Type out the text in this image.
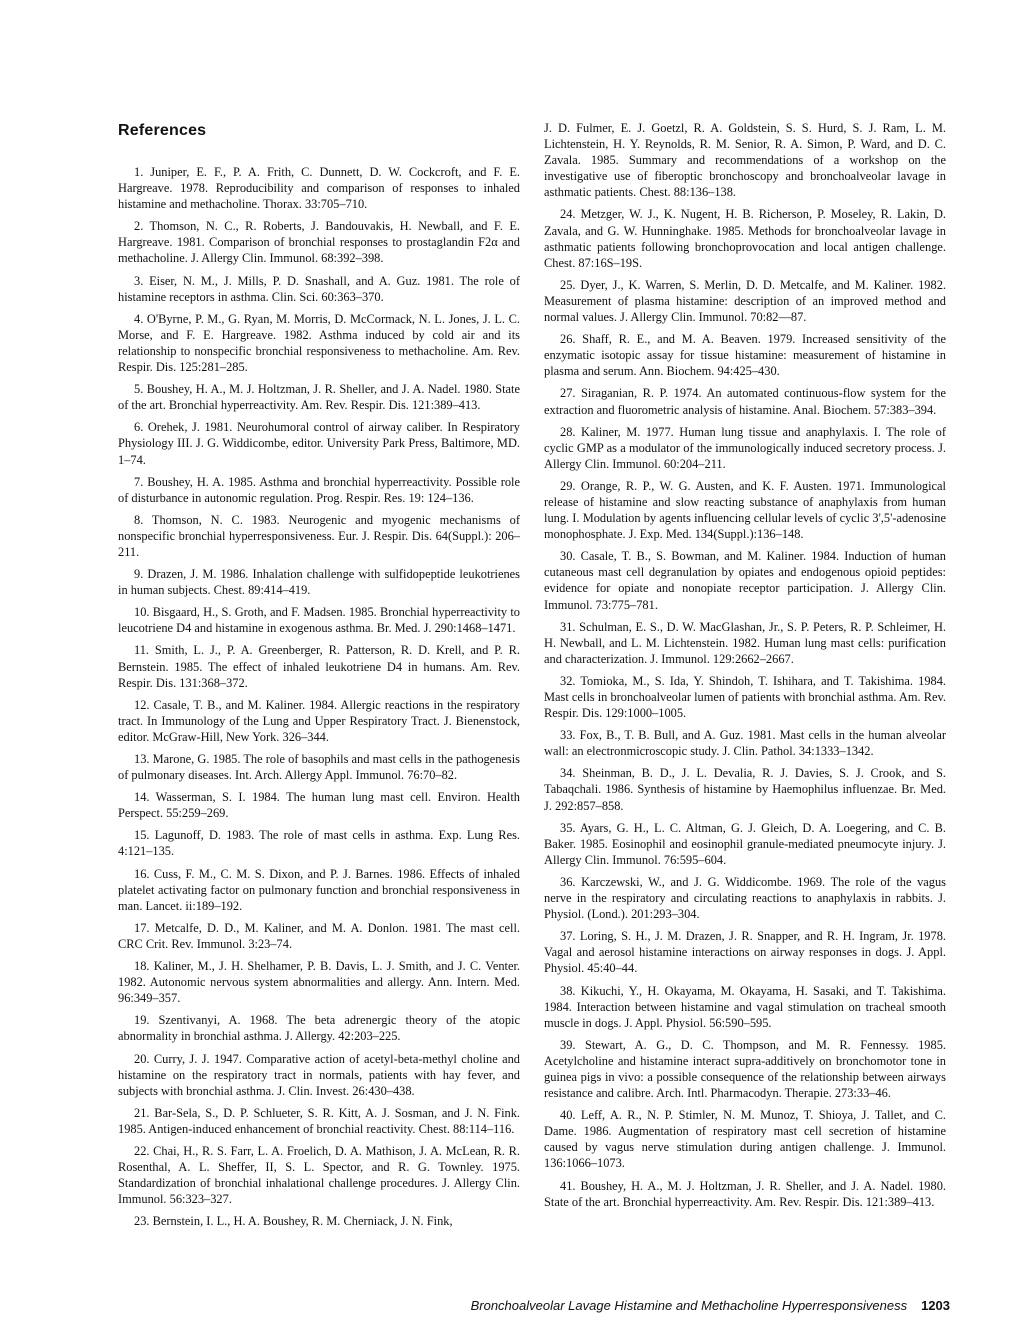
References

1. Juniper, E. F., P. A. Frith, C. Dunnett, D. W. Cockcroft, and F. E. Hargreave. 1978. Reproducibility and comparison of responses to inhaled histamine and methacholine. Thorax. 33:705–710.

2. Thomson, N. C., R. Roberts, J. Bandouvakis, H. Newball, and F. E. Hargreave. 1981. Comparison of bronchial responses to prostaglandin F2α and methacholine. J. Allergy Clin. Immunol. 68:392–398.

3. Eiser, N. M., J. Mills, P. D. Snashall, and A. Guz. 1981. The role of histamine receptors in asthma. Clin. Sci. 60:363–370.

4. O'Byrne, P. M., G. Ryan, M. Morris, D. McCormack, N. L. Jones, J. L. C. Morse, and F. E. Hargreave. 1982. Asthma induced by cold air and its relationship to nonspecific bronchial responsiveness to methacholine. Am. Rev. Respir. Dis. 125:281–285.

5. Boushey, H. A., M. J. Holtzman, J. R. Sheller, and J. A. Nadel. 1980. State of the art. Bronchial hyperreactivity. Am. Rev. Respir. Dis. 121:389–413.

6. Orehek, J. 1981. Neurohumoral control of airway caliber. In Respiratory Physiology III. J. G. Widdicombe, editor. University Park Press, Baltimore, MD. 1–74.

7. Boushey, H. A. 1985. Asthma and bronchial hyperreactivity. Possible role of disturbance in autonomic regulation. Prog. Respir. Res. 19: 124–136.

8. Thomson, N. C. 1983. Neurogenic and myogenic mechanisms of nonspecific bronchial hyperresponsiveness. Eur. J. Respir. Dis. 64(Suppl.): 206–211.

9. Drazen, J. M. 1986. Inhalation challenge with sulfidopeptide leukotrienes in human subjects. Chest. 89:414–419.

10. Bisgaard, H., S. Groth, and F. Madsen. 1985. Bronchial hyperreactivity to leucotriene D4 and histamine in exogenous asthma. Br. Med. J. 290:1468–1471.

11. Smith, L. J., P. A. Greenberger, R. Patterson, R. D. Krell, and P. R. Bernstein. 1985. The effect of inhaled leukotriene D4 in humans. Am. Rev. Respir. Dis. 131:368–372.

12. Casale, T. B., and M. Kaliner. 1984. Allergic reactions in the respiratory tract. In Immunology of the Lung and Upper Respiratory Tract. J. Bienenstock, editor. McGraw-Hill, New York. 326–344.

13. Marone, G. 1985. The role of basophils and mast cells in the pathogenesis of pulmonary diseases. Int. Arch. Allergy Appl. Immunol. 76:70–82.

14. Wasserman, S. I. 1984. The human lung mast cell. Environ. Health Perspect. 55:259–269.

15. Lagunoff, D. 1983. The role of mast cells in asthma. Exp. Lung Res. 4:121–135.

16. Cuss, F. M., C. M. S. Dixon, and P. J. Barnes. 1986. Effects of inhaled platelet activating factor on pulmonary function and bronchial responsiveness in man. Lancet. ii:189–192.

17. Metcalfe, D. D., M. Kaliner, and M. A. Donlon. 1981. The mast cell. CRC Crit. Rev. Immunol. 3:23–74.

18. Kaliner, M., J. H. Shelhamer, P. B. Davis, L. J. Smith, and J. C. Venter. 1982. Autonomic nervous system abnormalities and allergy. Ann. Intern. Med. 96:349–357.

19. Szentivanyi, A. 1968. The beta adrenergic theory of the atopic abnormality in bronchial asthma. J. Allergy. 42:203–225.

20. Curry, J. J. 1947. Comparative action of acetyl-beta-methyl choline and histamine on the respiratory tract in normals, patients with hay fever, and subjects with bronchial asthma. J. Clin. Invest. 26:430–438.

21. Bar-Sela, S., D. P. Schlueter, S. R. Kitt, A. J. Sosman, and J. N. Fink. 1985. Antigen-induced enhancement of bronchial reactivity. Chest. 88:114–116.

22. Chai, H., R. S. Farr, L. A. Froelich, D. A. Mathison, J. A. McLean, R. R. Rosenthal, A. L. Sheffer, II, S. L. Spector, and R. G. Townley. 1975. Standardization of bronchial inhalational challenge procedures. J. Allergy Clin. Immunol. 56:323–327.

23. Bernstein, I. L., H. A. Boushey, R. M. Cherniack, J. N. Fink,

J. D. Fulmer, E. J. Goetzl, R. A. Goldstein, S. S. Hurd, S. J. Ram, L. M. Lichtenstein, H. Y. Reynolds, R. M. Senior, R. A. Simon, P. Ward, and D. C. Zavala. 1985. Summary and recommendations of a workshop on the investigative use of fiberoptic bronchoscopy and bronchoalveolar lavage in asthmatic patients. Chest. 88:136–138.

24. Metzger, W. J., K. Nugent, H. B. Richerson, P. Moseley, R. Lakin, D. Zavala, and G. W. Hunninghake. 1985. Methods for bronchoalveolar lavage in asthmatic patients following bronchoprovocation and local antigen challenge. Chest. 87:16S–19S.

25. Dyer, J., K. Warren, S. Merlin, D. D. Metcalfe, and M. Kaliner. 1982. Measurement of plasma histamine: description of an improved method and normal values. J. Allergy Clin. Immunol. 70:82—87.

26. Shaff, R. E., and M. A. Beaven. 1979. Increased sensitivity of the enzymatic isotopic assay for tissue histamine: measurement of histamine in plasma and serum. Ann. Biochem. 94:425–430.

27. Siraganian, R. P. 1974. An automated continuous-flow system for the extraction and fluorometric analysis of histamine. Anal. Biochem. 57:383–394.

28. Kaliner, M. 1977. Human lung tissue and anaphylaxis. I. The role of cyclic GMP as a modulator of the immunologically induced secretory process. J. Allergy Clin. Immunol. 60:204–211.

29. Orange, R. P., W. G. Austen, and K. F. Austen. 1971. Immunological release of histamine and slow reacting substance of anaphylaxis from human lung. I. Modulation by agents influencing cellular levels of cyclic 3',5'-adenosine monophosphate. J. Exp. Med. 134(Suppl.):136–148.

30. Casale, T. B., S. Bowman, and M. Kaliner. 1984. Induction of human cutaneous mast cell degranulation by opiates and endogenous opioid peptides: evidence for opiate and nonopiate receptor participation. J. Allergy Clin. Immunol. 73:775–781.

31. Schulman, E. S., D. W. MacGlashan, Jr., S. P. Peters, R. P. Schleimer, H. H. Newball, and L. M. Lichtenstein. 1982. Human lung mast cells: purification and characterization. J. Immunol. 129:2662–2667.

32. Tomioka, M., S. Ida, Y. Shindoh, T. Ishihara, and T. Takishima. 1984. Mast cells in bronchoalveolar lumen of patients with bronchial asthma. Am. Rev. Respir. Dis. 129:1000–1005.

33. Fox, B., T. B. Bull, and A. Guz. 1981. Mast cells in the human alveolar wall: an electronmicroscopic study. J. Clin. Pathol. 34:1333–1342.

34. Sheinman, B. D., J. L. Devalia, R. J. Davies, S. J. Crook, and S. Tabaqchali. 1986. Synthesis of histamine by Haemophilus influenzae. Br. Med. J. 292:857–858.

35. Ayars, G. H., L. C. Altman, G. J. Gleich, D. A. Loegering, and C. B. Baker. 1985. Eosinophil and eosinophil granule-mediated pneumocyte injury. J. Allergy Clin. Immunol. 76:595–604.

36. Karczewski, W., and J. G. Widdicombe. 1969. The role of the vagus nerve in the respiratory and circulating reactions to anaphylaxis in rabbits. J. Physiol. (Lond.). 201:293–304.

37. Loring, S. H., J. M. Drazen, J. R. Snapper, and R. H. Ingram, Jr. 1978. Vagal and aerosol histamine interactions on airway responses in dogs. J. Appl. Physiol. 45:40–44.

38. Kikuchi, Y., H. Okayama, M. Okayama, H. Sasaki, and T. Takishima. 1984. Interaction between histamine and vagal stimulation on tracheal smooth muscle in dogs. J. Appl. Physiol. 56:590–595.

39. Stewart, A. G., D. C. Thompson, and M. R. Fennessy. 1985. Acetylcholine and histamine interact supra-additively on bronchomotor tone in guinea pigs in vivo: a possible consequence of the relationship between airways resistance and calibre. Arch. Intl. Pharmacodyn. Therapie. 273:33–46.

40. Leff, A. R., N. P. Stimler, N. M. Munoz, T. Shioya, J. Tallet, and C. Dame. 1986. Augmentation of respiratory mast cell secretion of histamine caused by vagus nerve stimulation during antigen challenge. J. Immunol. 136:1066–1073.

41. Boushey, H. A., M. J. Holtzman, J. R. Sheller, and J. A. Nadel. 1980. State of the art. Bronchial hyperreactivity. Am. Rev. Respir. Dis. 121:389–413.

Bronchoalveolar Lavage Histamine and Methacholine Hyperresponsiveness 1203
